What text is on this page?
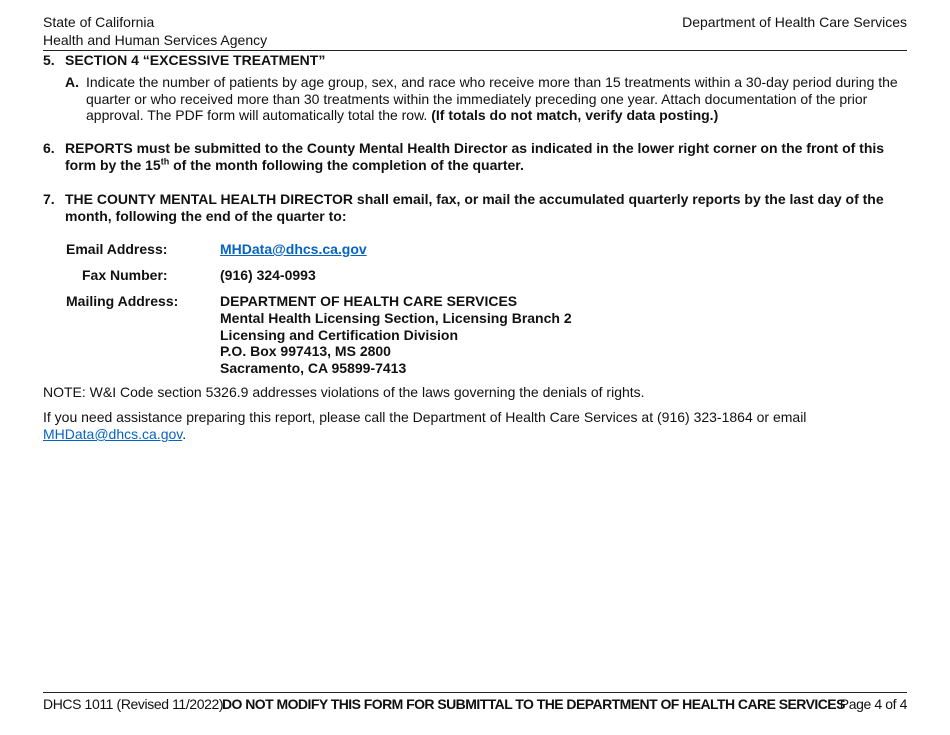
State of California
Health and Human Services Agency
Department of Health Care Services
5. SECTION 4 “EXCESSIVE TREATMENT”
A. Indicate the number of patients by age group, sex, and race who receive more than 15 treatments within a 30-day period during the quarter or who received more than 30 treatments within the immediately preceding one year. Attach documentation of the prior approval. The PDF form will automatically total the row. (If totals do not match, verify data posting.)
6. REPORTS must be submitted to the County Mental Health Director as indicated in the lower right corner on the front of this form by the 15th of the month following the completion of the quarter.
7. THE COUNTY MENTAL HEALTH DIRECTOR shall email, fax, or mail the accumulated quarterly reports by the last day of the month, following the end of the quarter to:
Email Address:	MHData@dhcs.ca.gov
Fax Number:	(916) 324-0993
Mailing Address:	DEPARTMENT OF HEALTH CARE SERVICES
Mental Health Licensing Section, Licensing Branch 2
Licensing and Certification Division
P.O. Box 997413, MS 2800
Sacramento, CA 95899-7413
NOTE: W&I Code section 5326.9 addresses violations of the laws governing the denials of rights.
If you need assistance preparing this report, please call the Department of Health Care Services at (916) 323-1864 or email
MHData@dhcs.ca.gov.
DHCS 1011 (Revised 11/2022)
DO NOT MODIFY THIS FORM FOR SUBMITTAL TO THE DEPARTMENT OF HEALTH CARE SERVICES
Page 4 of 4
